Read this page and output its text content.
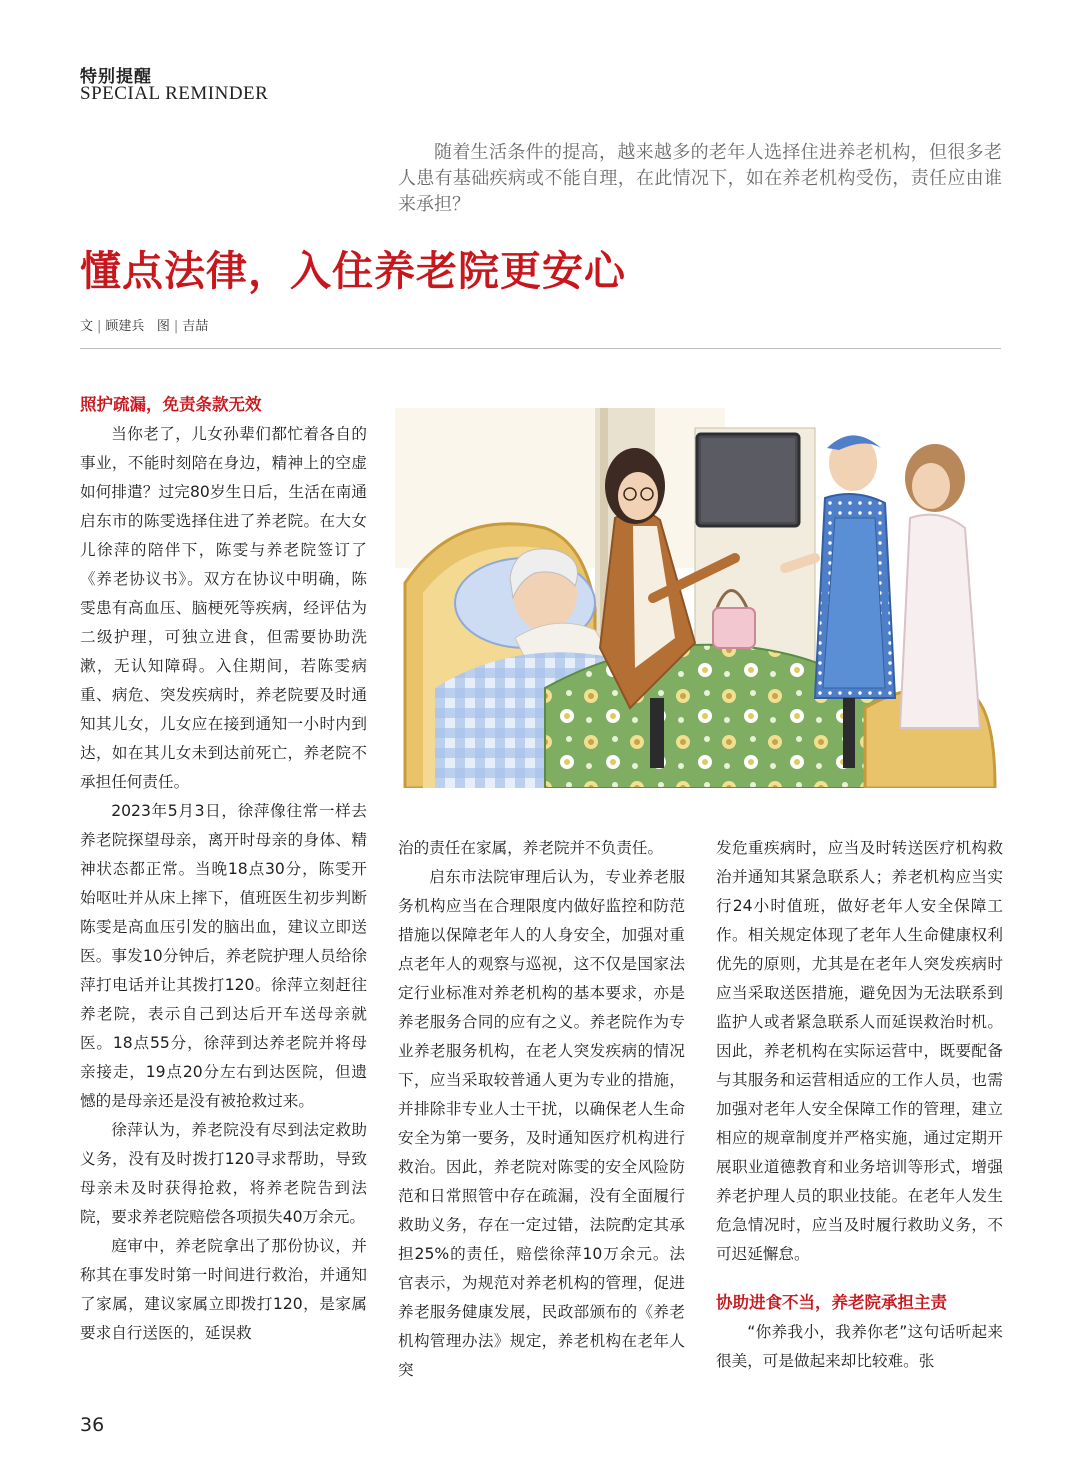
特别提醒
SPECIAL REMINDER

随着生活条件的提高，越来越多的老年人选择住进养老机构，但很多老人患有基础疾病或不能自理，在此情况下，如在养老机构受伤，责任应由谁来承担？

懂点法律，入住养老院更安心
文 | 顾建兵 图 | 吉喆
照护疏漏，免责条款无效

当你老了，儿女孙辈们都忙着各自的事业，不能时刻陪在身边，精神上的空虚如何排遣？过完80岁生日后，生活在南通启东市的陈雯选择住进了养老院。在大女儿徐萍的陪伴下，陈雯与养老院签订了《养老协议书》。双方在协议中明确，陈雯患有高血压、脑梗死等疾病，经评估为二级护理，可独立进食，但需要协助洗漱，无认知障碍。入住期间，若陈雯病重、病危、突发疾病时，养老院要及时通知其儿女，儿女应在接到通知一小时内到达，如在其儿女未到达前死亡，养老院不承担任何责任。

2023年5月3日，徐萍像往常一样去养老院探望母亲，离开时母亲的身体、精神状态都正常。当晚18点30分，陈雯开始呕吐并从床上摔下，值班医生初步判断陈雯是高血压引发的脑出血，建议立即送医。事发10分钟后，养老院护理人员给徐萍打电话并让其拨打120。徐萍立刻赶往养老院，表示自己到达后开车送母亲就医。18点55分，徐萍到达养老院并将母亲接走，19点20分左右到达医院，但遗憾的是母亲还是没有被抢救过来。

徐萍认为，养老院没有尽到法定救助义务，没有及时拨打120寻求帮助，导致母亲未及时获得抢救，将养老院告到法院，要求养老院赔偿各项损失40万余元。

庭审中，养老院拿出了那份协议，并称其在事发时第一时间进行救治，并通知了家属，建议家属立即拨打120，是家属要求自行送医的，延误救

治的责任在家属，养老院并不负责任。

启东市法院审理后认为，专业养老服务机构应当在合理限度内做好监控和防范措施以保障老年人的人身安全，加强对重点老年人的观察与巡视，这不仅是国家法定行业标准对养老机构的基本要求，亦是养老服务合同的应有之义。养老院作为专业养老服务机构，在老人突发疾病的情况下，应当采取较普通人更为专业的措施，并排除非专业人士干扰，以确保老人生命安全为第一要务，及时通知医疗机构进行救治。因此，养老院对陈雯的安全风险防范和日常照管中存在疏漏，没有全面履行救助义务，存在一定过错，法院酌定其承担25%的责任，赔偿徐萍10万余元。法官表示，为规范对养老机构的管理，促进养老服务健康发展，民政部颁布的《养老机构管理办法》规定，养老机构在老年人突

发危重疾病时，应当及时转送医疗机构救治并通知其紧急联系人；养老机构应当实行24小时值班，做好老年人安全保障工作。相关规定体现了老年人生命健康权利优先的原则，尤其是在老年人突发疾病时应当采取送医措施，避免因为无法联系到监护人或者紧急联系人而延误救治时机。因此，养老机构在实际运营中，既要配备与其服务和运营相适应的工作人员，也需加强对老年人安全保障工作的管理，建立相应的规章制度并严格实施，通过定期开展职业道德教育和业务培训等形式，增强养老护理人员的职业技能。在老年人发生危急情况时，应当及时履行救助义务，不可迟延懈怠。

协助进食不当，养老院承担主责

“你养我小，我养你老”这句话听起来很美，可是做起来却比较难。张

36
